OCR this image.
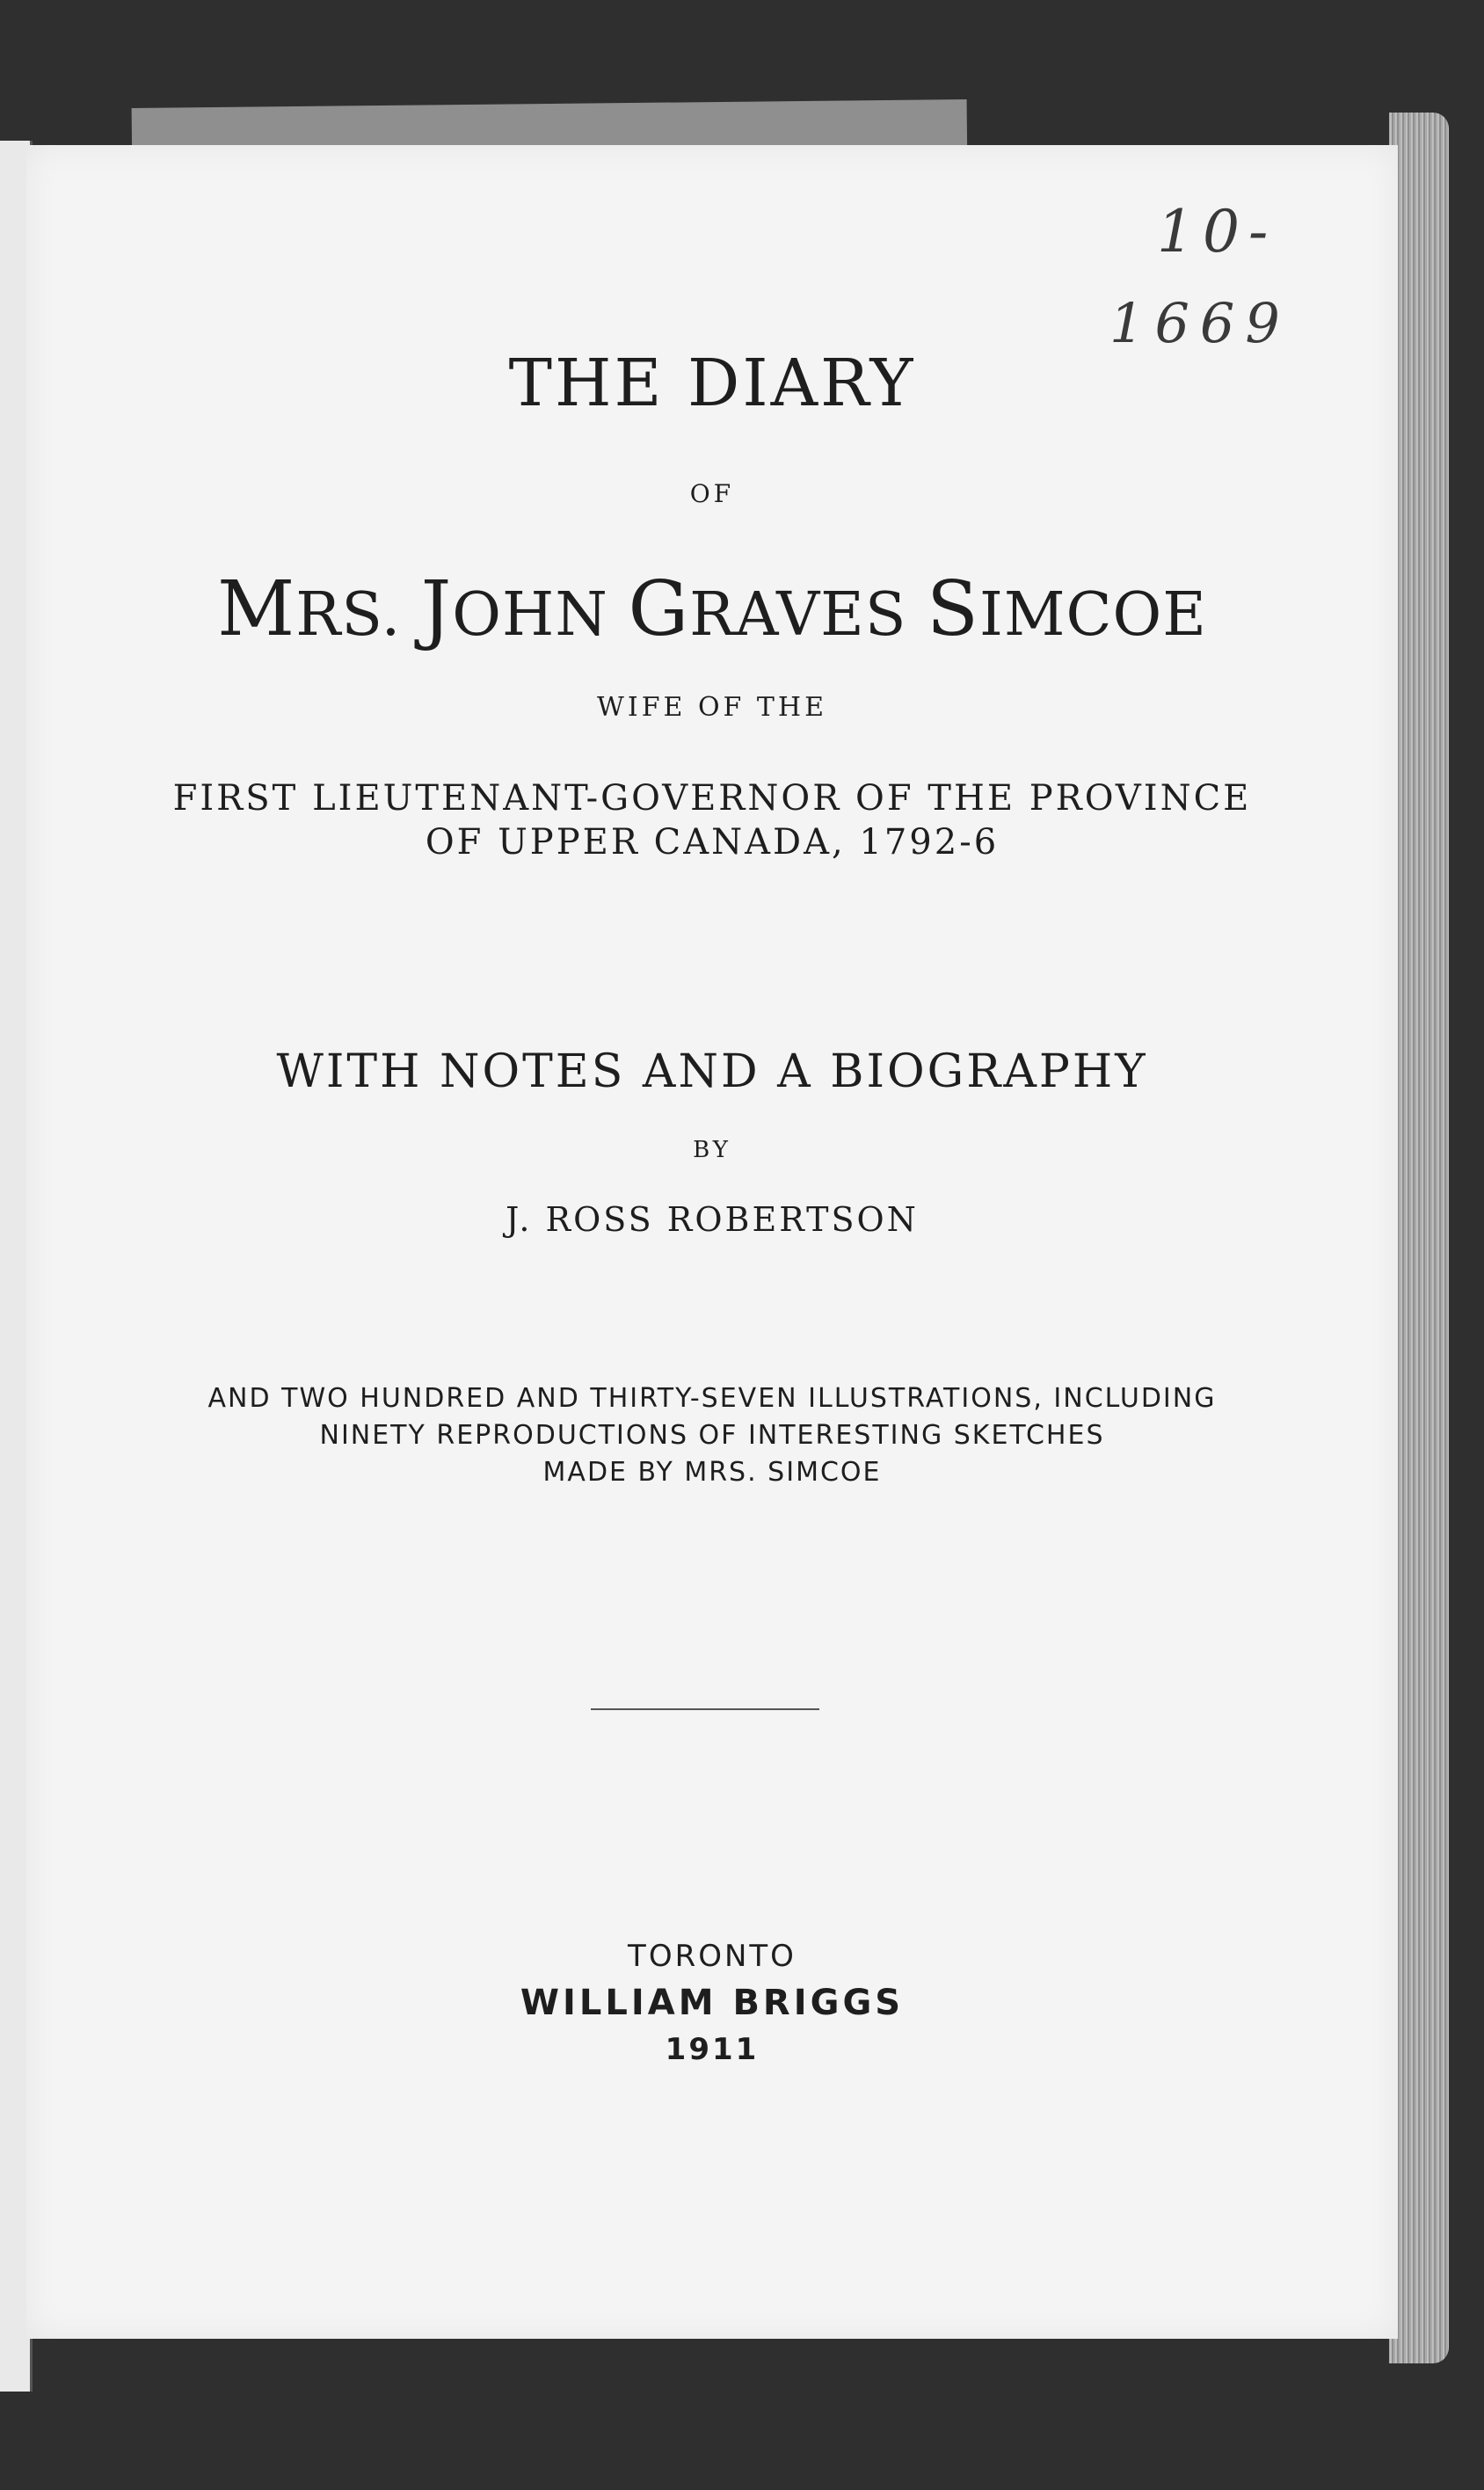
THE DIARY
OF
MRS. JOHN GRAVES SIMCOE
WIFE OF THE
FIRST LIEUTENANT-GOVERNOR OF THE PROVINCE
OF UPPER CANADA, 1792-6
WITH NOTES AND A BIOGRAPHY
BY
J. ROSS ROBERTSON
AND TWO HUNDRED AND THIRTY-SEVEN ILLUSTRATIONS, INCLUDING
NINETY REPRODUCTIONS OF INTERESTING SKETCHES
MADE BY MRS. SIMCOE
TORONTO
WILLIAM BRIGGS
1911
10-
1669
